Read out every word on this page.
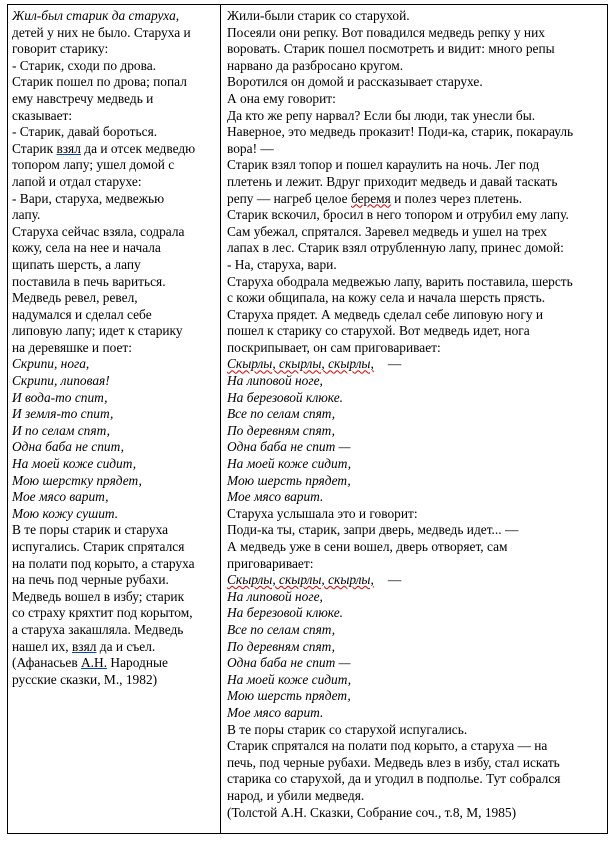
Жил-был старик да старуха,
детей у них не было. Старуха и
говорит старику:
- Старик, сходи по дрова.
Старик пошел по дрова; попал
ему навстречу медведь и
сказывает:
- Старик, давай бороться.
Старик взял да и отсек медведю
топором лапу; ушел домой с
лапой и отдал старухе:
- Вари, старуха, медвежью
лапу.
Старуха сейчас взяла, содрала
кожу, села на нее и начала
щипать шерсть, а лапу
поставила в печь вариться.
Медведь ревел, ревел,
надумался и сделал себе
липовую лапу; идет к старику
на деревяшке и поет:
Скрипи, нога,
Скрипи, липовая!
И вода-то спит,
И земля-то спит,
И по селам спят,
Одна баба не спит,
На моей коже сидит,
Мою шерстку прядет,
Мое мясо варит,
Мою кожу сушит.
В те поры старик и старуха
испугались. Старик спрятался
на полати под корыто, а старуха
на печь под черные рубахи.
Медведь вошел в избу; старик
со страху кряхтит под корытом,
а старуха закашляла. Медведь
нашел их, взял да и съел.
(Афанасьев А.Н. Народные
русские сказки, М., 1982)
Жили-были старик со старухой.
Посеяли они репку. Вот повадился медведь репку у них
воровать. Старик пошел посмотреть и видит: много репы
нарвано да разбросано кругом.
Воротился он домой и рассказывает старухе.
А она ему говорит:
Да кто же репу нарвал? Если бы люди, так унесли бы.
Наверное, это медведь проказит! Поди-ка, старик, покарауль
вора! —
Старик взял топор и пошел караулить на ночь. Лег под
плетень и лежит. Вдруг приходит медведь и давай таскать
репу — нагреб целое беремя и полез через плетень.
Старик вскочил, бросил в него топором и отрубил ему лапу.
Сам убежал, спрятался. Заревел медведь и ушел на трех
лапах в лес. Старик взял отрубленную лапу, принес домой:
- На, старуха, вари.
Старуха ободрала медвежью лапу, варить поставила, шерсть
с кожи общипала, на кожу села и начала шерсть прясть.
Старуха прядет. А медведь сделал себе липовую ногу и
пошел к старику со старухой. Вот медведь идет, нога
поскрипывает, он сам приговаривает:
Скырлы, скырлы, скырлы, —
На липовой ноге,
На березовой клюке.
Все по селам спят,
По деревням спят,
Одна баба не спит —
На моей коже сидит,
Мою шерсть прядет,
Мое мясо варит.
Старуха услышала это и говорит:
Поди-ка ты, старик, запри дверь, медведь идет... —
А медведь уже в сени вошел, дверь отворяет, сам
приговаривает:
Скырлы, скырлы, скырлы, —
На липовой ноге,
На березовой клюке.
Все по селам спят,
По деревням спят,
Одна баба не спит —
На моей коже сидит,
Мою шерсть прядет,
Мое мясо варит.
В те поры старик со старухой испугались.
Старик спрятался на полати под корыто, а старуха — на
печь, под черные рубахи. Медведь влез в избу, стал искать
старика со старухой, да и угодил в подполье. Тут собрался
народ, и убили медведя.
(Толстой А.Н. Сказки, Собрание соч., т.8, М, 1985)
